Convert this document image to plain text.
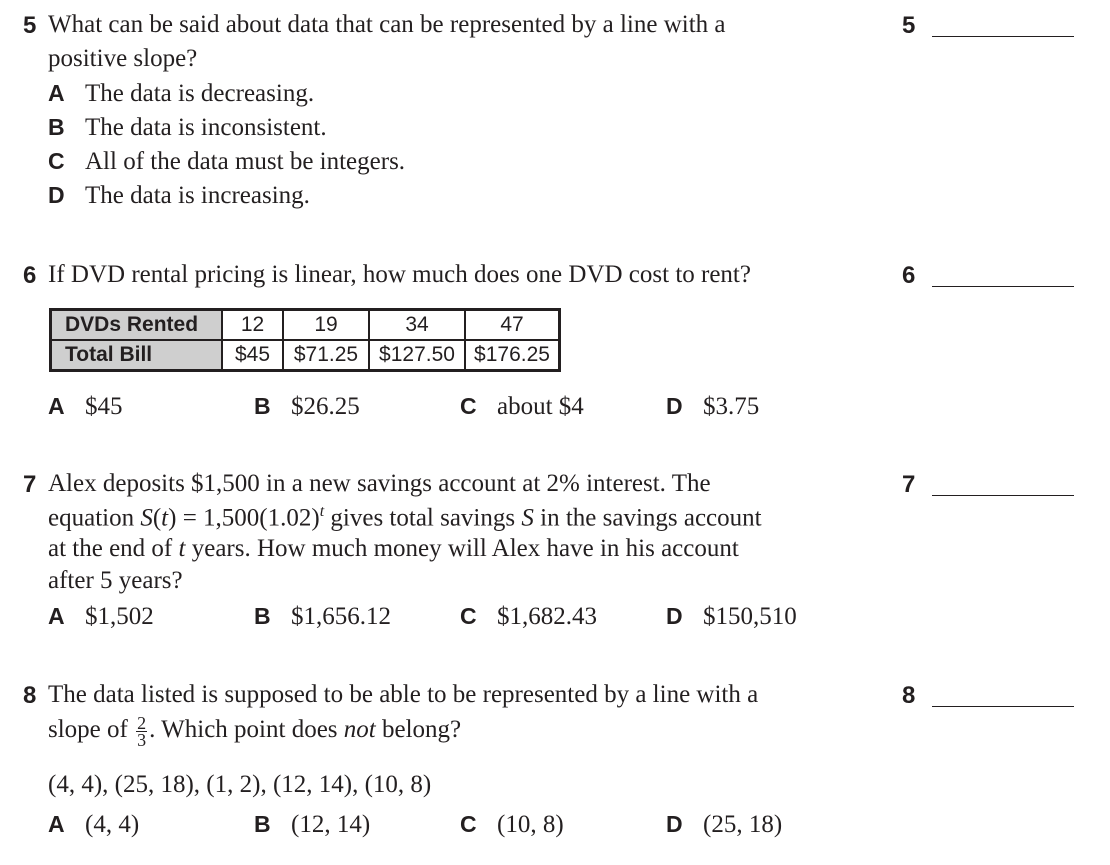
5 What can be said about data that can be represented by a line with a
positive slope?
A The data is decreasing.
B The data is inconsistent.
C All of the data must be integers.
D The data is increasing.
5
6 If DVD rental pricing is linear, how much does one DVD cost to rent?
DVDs Rented	12	19	34	47
Total Bill	$45	$71.25	$127.50	$176.25
A $45	B $26.25	C about $4	D $3.75
6
7 Alex deposits $1,500 in a new savings account at 2% interest. The
equation $S(t) = 1,500(1.02)^t$ gives total savings S in the savings account
at the end of t years. How much money will Alex have in his account
after 5 years?
A $1,502	B $1,656.12	C $1,682.43	D $150,510
7
8 The data listed is supposed to be able to be represented by a line with a
slope of $\frac{2}{3}$ . Which point does not belong?
(4, 4), (25, 18), (1, 2), (12, 14), (10, 8)
A (4, 4)	B (12, 14)	C (10, 8)	D (25, 18)
8
